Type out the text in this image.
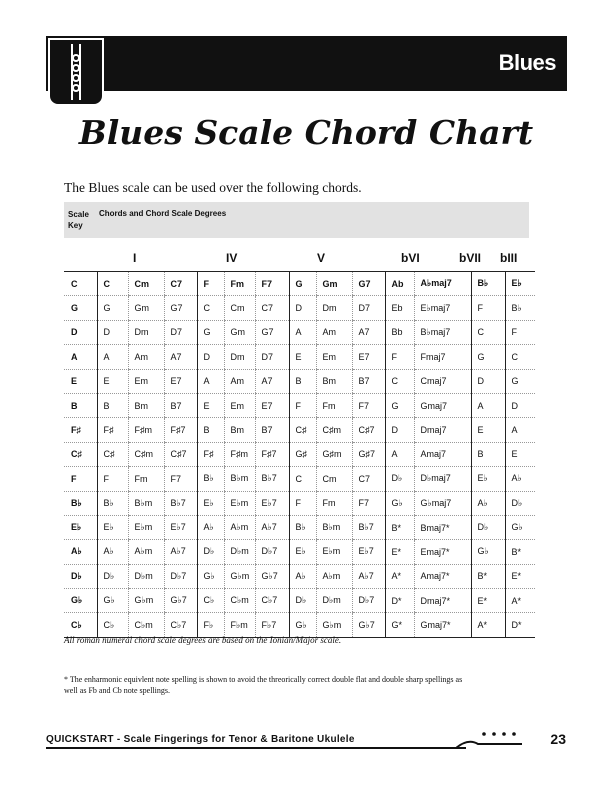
Blues
Blues Scale Chord Chart
The Blues scale can be used over the following chords.
Scale Key
Chords and Chord Scale Degrees
I	IV	V	bVI	bVII bIII
C	C	Cm	C7	F	Fm	F7	G	Gm	G7	Ab	A♭maj7	B♭	E♭
G	G	Gm	G7	C	Cm	C7	D	Dm	D7	Eb	E♭maj7	F	B♭
D	D	Dm	D7	G	Gm	G7	A	Am	A7	Bb	B♭maj7	C	F
A	A	Am	A7	D	Dm	D7	E	Em	E7	F	Fmaj7	G	C
E	E	Em	E7	A	Am	A7	B	Bm	B7	C	Cmaj7	D	G
B	B	Bm	B7	E	Em	E7	F	Fm	F7	G	Gmaj7	A	D
F♯	F♯	F♯m	F♯7	B	Bm	B7	C♯	C♯m	C♯7	D	Dmaj7	E	A
C♯	C♯	C♯m	C♯7	F♯	F♯m	F♯7	G♯	G♯m	G♯7	A	Amaj7	B	E
F	F	Fm	F7	B♭	B♭m	B♭7	C	Cm	C7	D♭	D♭maj7	E♭	A♭
B♭	B♭	B♭m	B♭7	E♭	E♭m	E♭7	F	Fm	F7	G♭	G♭maj7	A♭	D♭
E♭	E♭	E♭m	E♭7	A♭	A♭m	A♭7	B♭	B♭m	B♭7	B*	Bmaj7*	D♭	G♭
A♭	A♭	A♭m	A♭7	D♭	D♭m	D♭7	E♭	E♭m	E♭7	E*	Emaj7*	G♭	B*
D♭	D♭	D♭m	D♭7	G♭	G♭m	G♭7	A♭	A♭m	A♭7	A*	Amaj7*	B*	E*
G♭	G♭	G♭m	G♭7	C♭	C♭m	C♭7	D♭	D♭m	D♭7	D*	Dmaj7*	E*	A*
C♭	C♭	C♭m	C♭7	F♭	F♭m	F♭7	G♭	G♭m	G♭7	G*	Gmaj7*	A*	D*
All roman numeral chord scale degrees are based on the Ionian/Major scale.
* The enharmonic equivlent note spelling is shown to avoid the threorically correct double flat and double sharp spellings as well as Fb and Cb note spellings.
QUICKSTART - Scale Fingerings for Tenor & Baritone Ukulele	23
